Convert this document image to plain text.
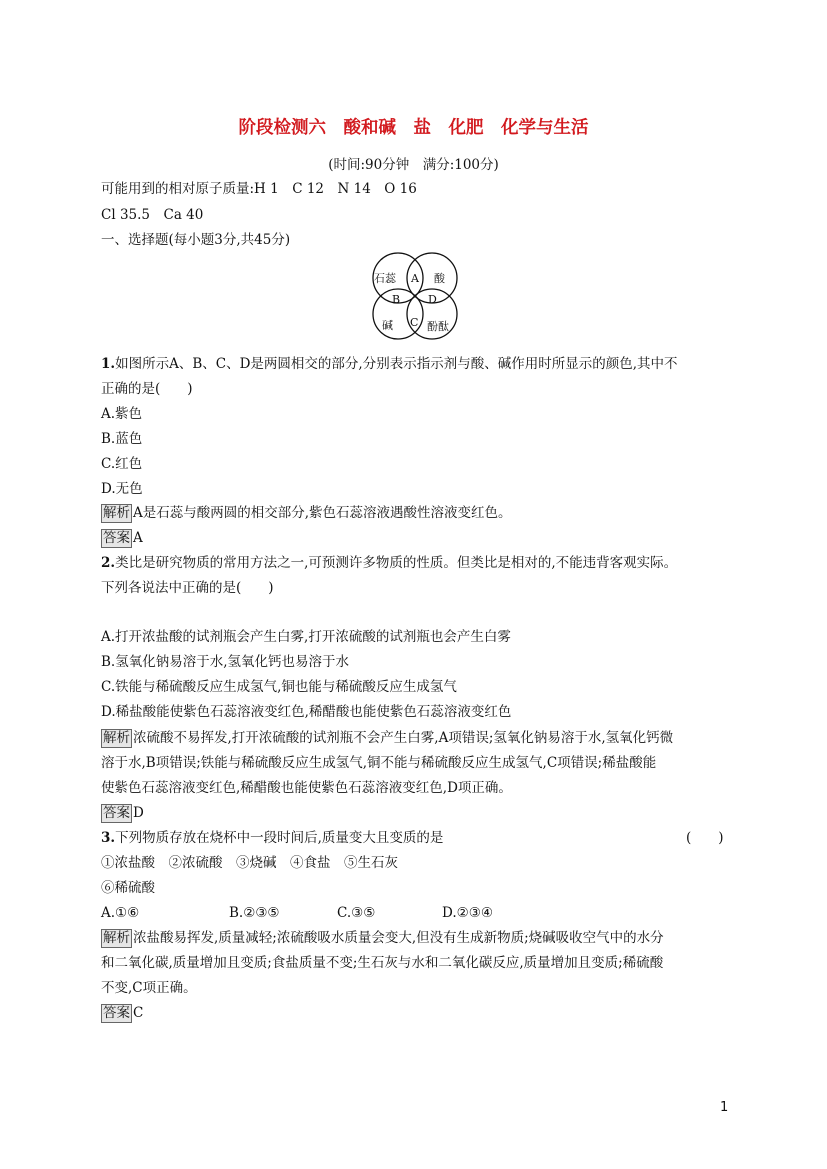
阶段检测六　酸和碱　盐　化肥　化学与生活
(时间:90分钟　满分:100分)
可能用到的相对原子质量:H 1　C 12　N 14　O 16
Cl 35.5　Ca 40
一、选择题(每小题3分,共45分)
石蕊	酸
碱	酚酞
A
B
C
D
1.如图所示A、B、C、D是两圆相交的部分,分别表示指示剂与酸、碱作用时所显示的颜色,其中不
正确的是(　　)
A.紫色
B.蓝色
C.红色
D.无色
解析 A是石蕊与酸两圆的相交部分,紫色石蕊溶液遇酸性溶液变红色。
答案 A
2.类比是研究物质的常用方法之一,可预测许多物质的性质。但类比是相对的,不能违背客观实际。
下列各说法中正确的是(　　)
A.打开浓盐酸的试剂瓶会产生白雾,打开浓硫酸的试剂瓶也会产生白雾
B.氢氧化钠易溶于水,氢氧化钙也易溶于水
C.铁能与稀硫酸反应生成氢气,铜也能与稀硫酸反应生成氢气
D.稀盐酸能使紫色石蕊溶液变红色,稀醋酸也能使紫色石蕊溶液变红色
解析 浓硫酸不易挥发,打开浓硫酸的试剂瓶不会产生白雾,A项错误;氢氧化钠易溶于水,氢氧化钙微
溶于水,B项错误;铁能与稀硫酸反应生成氢气,铜不能与稀硫酸反应生成氢气,C项错误;稀盐酸能
使紫色石蕊溶液变红色,稀醋酸也能使紫色石蕊溶液变红色,D项正确。
答案 D
3.下列物质存放在烧杯中一段时间后,质量变大且变质的是	(　　)
①浓盐酸　②浓硫酸　③烧碱　④食盐　⑤生石灰
⑥稀硫酸
A.①⑥	B.②③⑤	C.③⑤	D.②③④
解析 浓盐酸易挥发,质量减轻;浓硫酸吸水质量会变大,但没有生成新物质;烧碱吸收空气中的水分
和二氧化碳,质量增加且变质;食盐质量不变;生石灰与水和二氧化碳反应,质量增加且变质;稀硫酸
不变,C项正确。
答案 C
1
